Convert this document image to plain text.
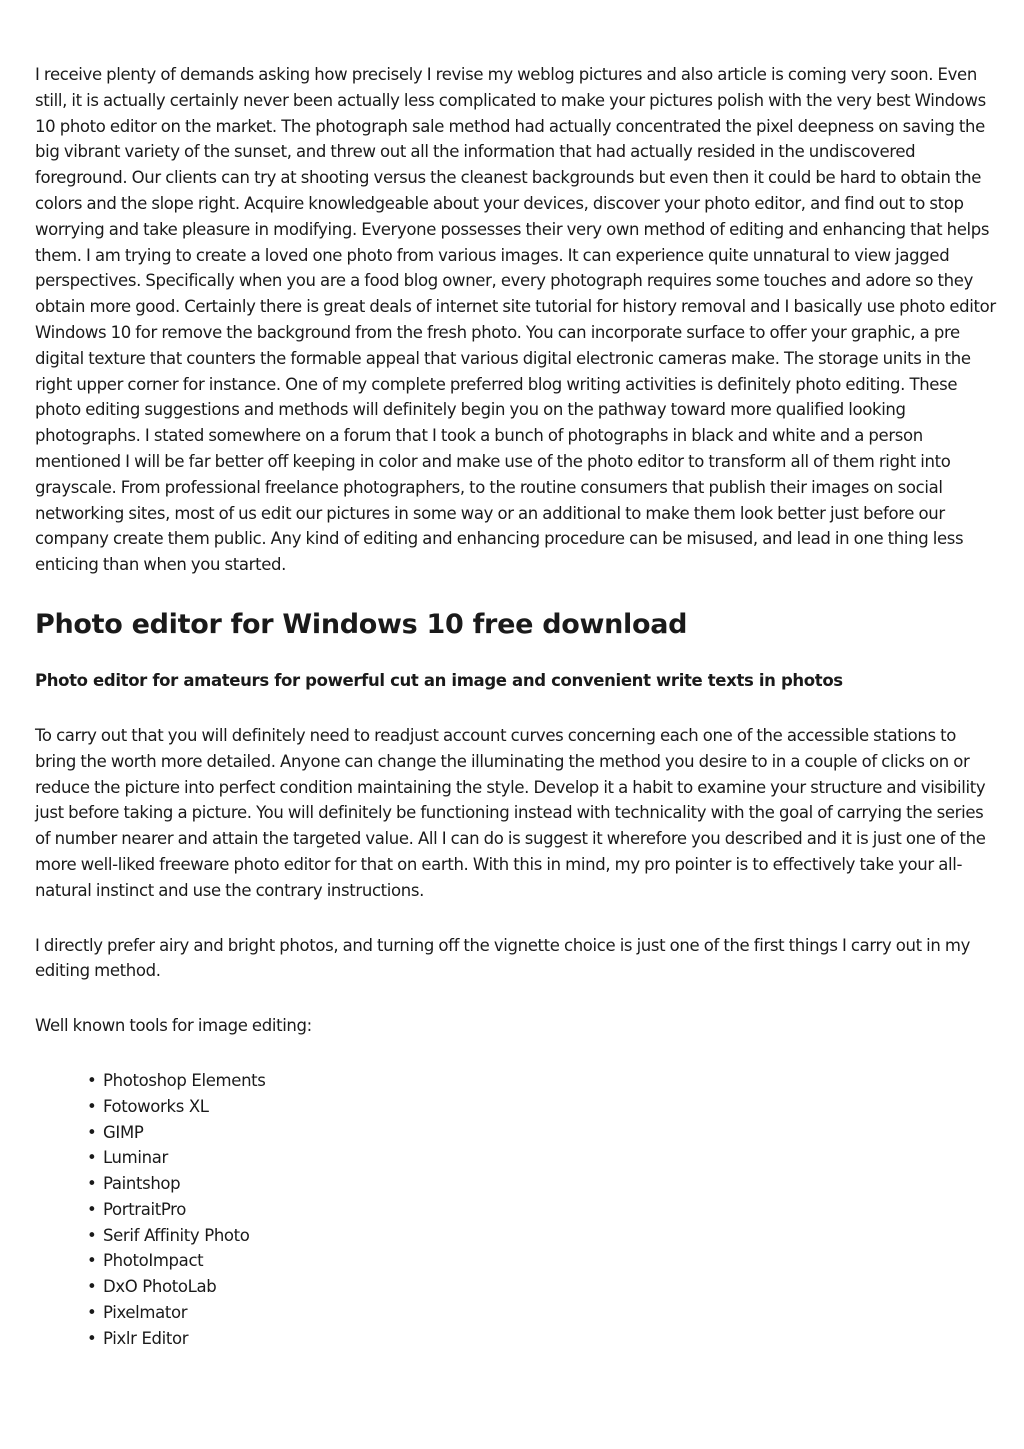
I receive plenty of demands asking how precisely I revise my weblog pictures and also article is coming very soon. Even still, it is actually certainly never been actually less complicated to make your pictures polish with the very best Windows 10 photo editor on the market. The photograph sale method had actually concentrated the pixel deepness on saving the big vibrant variety of the sunset, and threw out all the information that had actually resided in the undiscovered foreground. Our clients can try at shooting versus the cleanest backgrounds but even then it could be hard to obtain the colors and the slope right. Acquire knowledgeable about your devices, discover your photo editor, and find out to stop worrying and take pleasure in modifying. Everyone possesses their very own method of editing and enhancing that helps them. I am trying to create a loved one photo from various images. It can experience quite unnatural to view jagged perspectives. Specifically when you are a food blog owner, every photograph requires some touches and adore so they obtain more good. Certainly there is great deals of internet site tutorial for history removal and I basically use photo editor Windows 10 for remove the background from the fresh photo. You can incorporate surface to offer your graphic, a pre digital texture that counters the formable appeal that various digital electronic cameras make. The storage units in the right upper corner for instance. One of my complete preferred blog writing activities is definitely photo editing. These photo editing suggestions and methods will definitely begin you on the pathway toward more qualified looking photographs. I stated somewhere on a forum that I took a bunch of photographs in black and white and a person mentioned I will be far better off keeping in color and make use of the photo editor to transform all of them right into grayscale. From professional freelance photographers, to the routine consumers that publish their images on social networking sites, most of us edit our pictures in some way or an additional to make them look better just before our company create them public. Any kind of editing and enhancing procedure can be misused, and lead in one thing less enticing than when you started.

Photo editor for Windows 10 free download
Photo editor for amateurs for powerful cut an image and convenient write texts in photos

To carry out that you will definitely need to readjust account curves concerning each one of the accessible stations to bring the worth more detailed. Anyone can change the illuminating the method you desire to in a couple of clicks on or reduce the picture into perfect condition maintaining the style. Develop it a habit to examine your structure and visibility just before taking a picture. You will definitely be functioning instead with technicality with the goal of carrying the series of number nearer and attain the targeted value. All I can do is suggest it wherefore you described and it is just one of the more well-liked freeware photo editor for that on earth. With this in mind, my pro pointer is to effectively take your all-natural instinct and use the contrary instructions.

I directly prefer airy and bright photos, and turning off the vignette choice is just one of the first things I carry out in my editing method.

Well known tools for image editing:

• Photoshop Elements
• Fotoworks XL
• GIMP
• Luminar
• Paintshop
• PortraitPro
• Serif Affinity Photo
• PhotoImpact
• DxO PhotoLab
• Pixelmator
• Pixlr Editor
